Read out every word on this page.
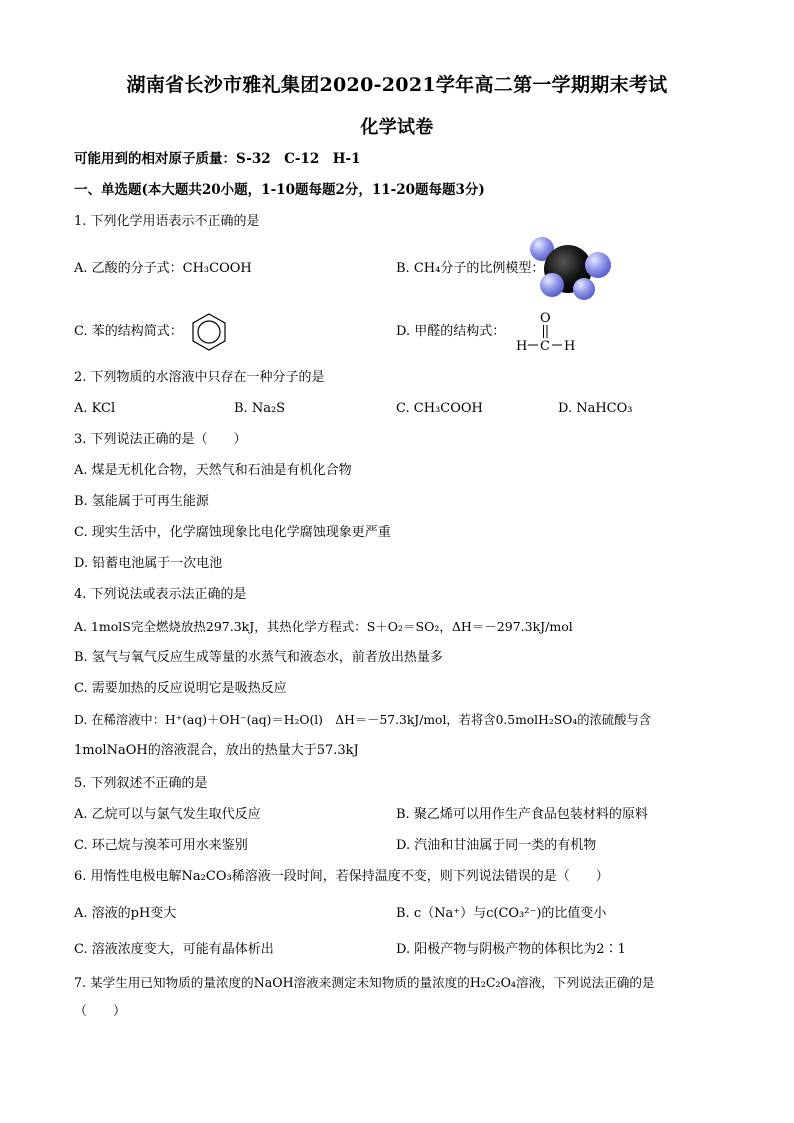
湖南省长沙市雅礼集团2020-2021学年高二第一学期期末考试
化学试卷
可能用到的相对原子质量：S-32　C-12　H-1
一、单选题(本大题共20小题，1-10题每题2分，11-20题每题3分)
1. 下列化学用语表示不正确的是
A. 乙酸的分子式：CH₃COOH	B. CH₄分子的比例模型：
C. 苯的结构简式：	D. 甲醛的结构式：
O
H C H
2. 下列物质的水溶液中只存在一种分子的是
A. KCl	B. Na₂S	C. CH₃COOH	D. NaHCO₃
3. 下列说法正确的是（　　）
A. 煤是无机化合物，天然气和石油是有机化合物
B. 氢能属于可再生能源
C. 现实生活中，化学腐蚀现象比电化学腐蚀现象更严重
D. 铅蓄电池属于一次电池
4. 下列说法或表示法正确的是
A. 1molS完全燃烧放热297.3kJ，其热化学方程式：S＋O₂＝SO₂，ΔH＝－297.3kJ/mol
B. 氢气与氧气反应生成等量的水蒸气和液态水，前者放出热量多
C. 需要加热的反应说明它是吸热反应
D. 在稀溶液中：H⁺(aq)＋OH⁻(aq)＝H₂O(l)　ΔH＝－57.3kJ/mol，若将含0.5molH₂SO₄的浓硫酸与含
1molNaOH的溶液混合，放出的热量大于57.3kJ
5. 下列叙述不正确的是
A. 乙烷可以与氯气发生取代反应	B. 聚乙烯可以用作生产食品包装材料的原料
C. 环己烷与溴苯可用水来鉴别	D. 汽油和甘油属于同一类的有机物
6. 用惰性电极电解Na₂CO₃稀溶液一段时间，若保持温度不变，则下列说法错误的是（　　）
A. 溶液的pH变大	B. c（Na⁺）与c(CO₃²⁻)的比值变小
C. 溶液浓度变大，可能有晶体析出	D. 阳极产物与阴极产物的体积比为2∶1
7. 某学生用已知物质的量浓度的NaOH溶液来测定未知物质的量浓度的H₂C₂O₄溶液，下列说法正确的是
（　　）
